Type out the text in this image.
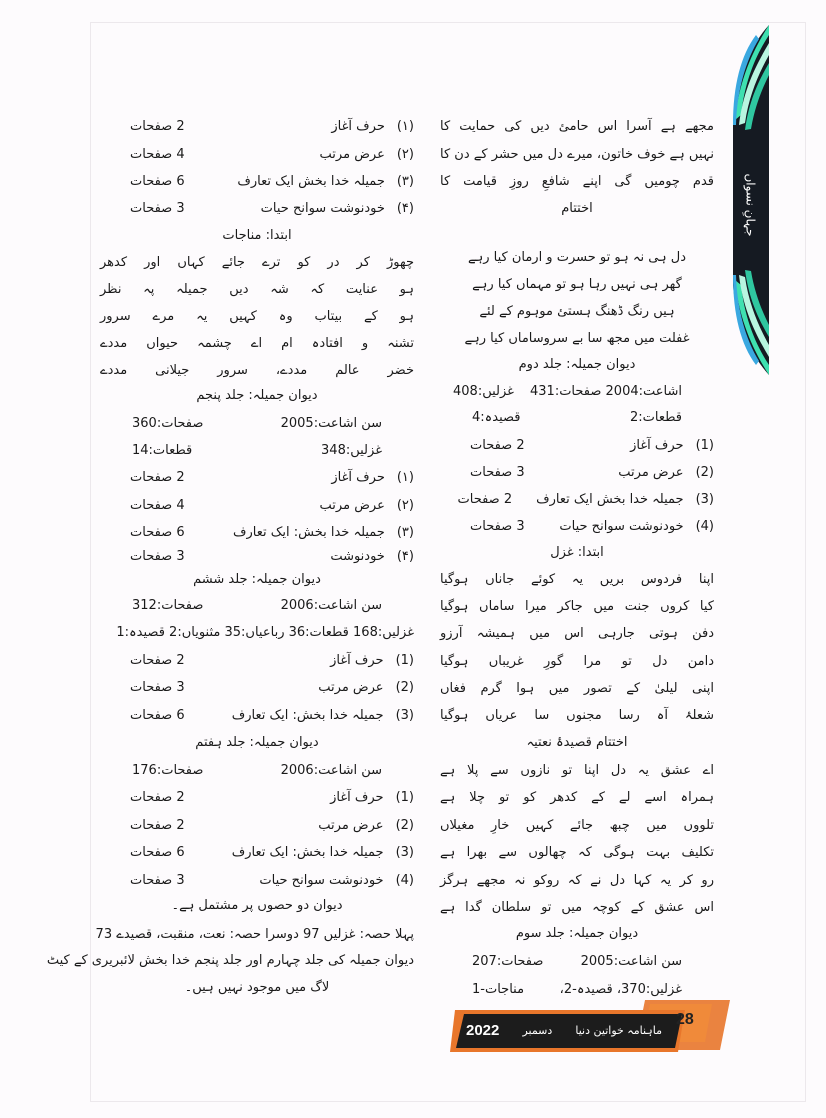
جہانِ نسواں
مجھے ہے آسرا اس حامئ دیں کی حمایت کا
نہیں ہے خوف خاتون، میرے دل میں حشر کے دن کا
قدم چومیں گی اپنے شافعِ روزِ قیامت کا
اختتام
دل ہی نہ ہو تو حسرت و ارمان کیا رہے
گھر ہی نہیں رہا ہو تو مہماں کیا رہے
ہیں رنگ ڈھنگ ہستئ موہوم کے لئے
غفلت میں مجھ سا بے سروساماں کیا رہے
دیوان جمیلہ: جلد دوم
اشاعت:2004 صفحات:431
غزلیں:408
قطعات:2
قصیدہ:4
(1)
حرف آغاز
2 صفحات
(2)
عرض مرتب
3 صفحات
(3)
جمیلہ خدا بخش ایک تعارف
2 صفحات
(4)
خودنوشت سوانح حیات
3 صفحات
ابتدا: غزل
اپنا فردوس بریں یہ کوئے جاناں ہوگیا
کیا کروں جنت میں جاکر میرا ساماں ہوگیا
دفن ہوتی جارہی اس میں ہمیشہ آرزو
دامن دل تو مرا گورِ غریباں ہوگیا
اپنی لیلیٰ کے تصور میں ہوا گرم فغاں
شعلۂ آہ رسا مجنوں سا عریاں ہوگیا
اختتام قصیدۂ نعتیہ
اے عشق یہ دل اپنا تو نازوں سے پلا ہے
ہمراہ اسے لے کے کدھر کو تو چلا ہے
تلووں میں چبھ جائے کہیں خارِ مغیلاں
تکلیف بہت ہوگی کہ چھالوں سے بھرا ہے
رو کر یہ کہا دل نے کہ روکو نہ مجھے ہرگز
اس عشق کے کوچہ میں تو سلطان گدا ہے
دیوان جمیلہ: جلد سوم
سن اشاعت:2005
صفحات:207
غزلیں:370، قصیدہ-2،
مناجات-1
(۱)
حرف آغاز
2 صفحات
(۲)
عرض مرتب
4 صفحات
(۳)
جمیلہ خدا بخش ایک تعارف
6 صفحات
(۴)
خودنوشت سوانح حیات
3 صفحات
ابتدا: مناجات
چھوڑ کر در کو ترے جائے کہاں اور کدھر
ہو عنایت کہ شہ دیں جمیلہ پہ نظر
ہو کے بیتاب وہ کہیں یہ مرے سرور
تشنہ و افتادہ ام اے چشمہ حیواں مددے
خضر عالم مددے، سرور جیلانی مددے
دیوان جمیلہ: جلد پنجم
سن اشاعت:2005
صفحات:360
غزلیں:348
قطعات:14
(۱)
حرف آغاز
2 صفحات
(۲)
عرض مرتب
4 صفحات
(۳)
جمیلہ خدا بخش: ایک تعارف
6 صفحات
(۴)
خودنوشت
3 صفحات
دیوان جمیلہ: جلد ششم
سن اشاعت:2006
صفحات:312
غزلیں:168 قطعات:36 رباعیاں:35 مثنویاں:2 قصیدہ:1
(1)
حرف آغاز
2 صفحات
(2)
عرض مرتب
3 صفحات
(3)
جمیلہ خدا بخش: ایک تعارف
6 صفحات
دیوان جمیلہ: جلد ہفتم
سن اشاعت:2006
صفحات:176
(1)
حرف آغاز
2 صفحات
(2)
عرض مرتب
2 صفحات
(3)
جمیلہ خدا بخش: ایک تعارف
6 صفحات
(4)
خودنوشت سوانح حیات
3 صفحات
دیوان دو حصوں پر مشتمل ہے۔
پہلا حصہ: غزلیں 97 دوسرا حصہ: نعت، منقبت، قصیدے 73
دیوان جمیلہ کی جلد چہارم اور جلد پنجم خدا بخش لائبریری کے کیٹ
لاگ میں موجود نہیں ہیں۔
28
ماہنامہ خواتین دنیا
دسمبر
2022
